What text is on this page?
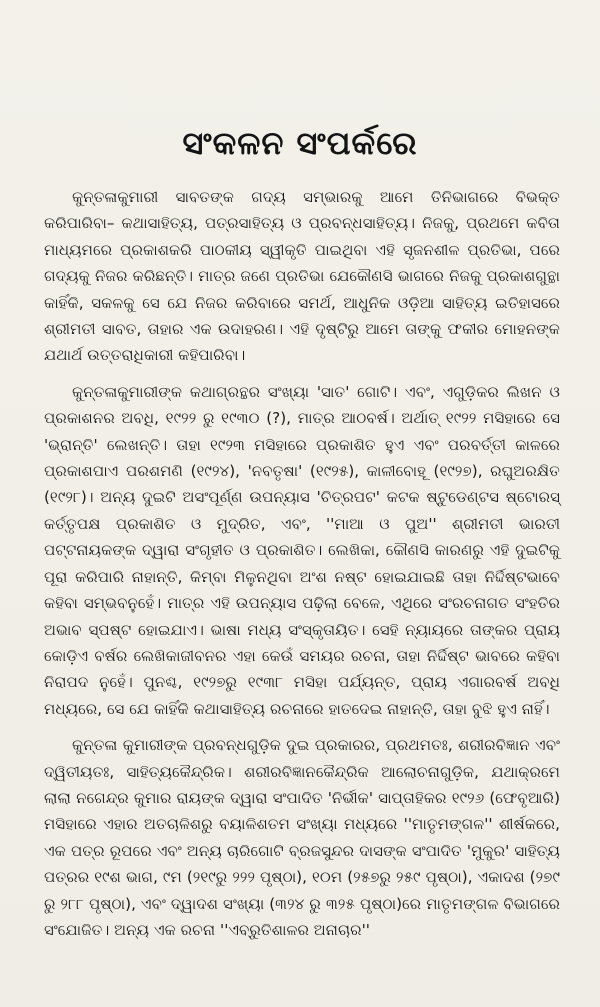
ସଂକଳନ ସଂପର୍କରେ

କୁନ୍ତଳାକୁମାରୀ ସାବତଙ୍କ ଗଦ୍ୟ ସମ୍ଭାରକୁ ଆମେ ତିନିଭାଗରେ ବିଭକ୍ତ କରିପାରିବା– କଥାସାହିତ୍ୟ, ପତ୍ରସାହିତ୍ୟ ଓ ପ୍ରବନ୍ଧସାହିତ୍ୟ। ନିଜକୁ, ପ୍ରଥମେ କବିତା ମାଧ୍ୟମରେ ପ୍ରକାଶକରି ପାଠକୀୟ ସ୍ୱୀକୃତି ପାଇଥିବା ଏହି ସୃଜନଶୀଳ ପ୍ରତିଭା, ପରେ ଗଦ୍ୟକୁ ନିଜର କରିଛନ୍ତି। ମାତ୍ର ଜଣେ ପ୍ରତିଭା ଯେକୌଣସି ଭାଗରେ ନିଜକୁ ପ୍ରକାଶଗୁନ୍ଥା କାହିଁକି, ସକଳକୁ ସେ ଯେ ନିଜର କରିବାରେ ସମର୍ଥ, ଆଧୁନିକ ଓଡ଼ିଆ ସାହିତ୍ୟ ଇତିହାସରେ ଶ୍ରୀମତୀ ସାବତ, ତାହାର ଏକ ଉଦାହରଣ। ଏହି ଦୃଷ୍ଟିରୁ ଆମେ ତାଙ୍କୁ ଫକୀର ମୋହନଙ୍କ ଯଥାର୍ଥ ଉତ୍ତରାଧିକାରୀ କହିପାରିବା।

କୁନ୍ତଳାକୁମାରୀଙ୍କ କଥାଗ୍ରନ୍ଥର ସଂଖ୍ୟା 'ସାତ' ଗୋଟି। ଏବଂ, ଏଗୁଡ଼ିକର ଲିଖନ ଓ ପ୍ରକାଶନର ଅବଧି, ୧୯୨୨ ରୁ ୧୯୩୦ (?), ମାତ୍ର ଆଠବର୍ଷ। ଅର୍ଥାତ୍ ୧୯୨୨ ମସିହାରେ ସେ 'ଭ୍ରାନ୍ତି' ଲେଖନ୍ତି। ତାହା ୧୯୨୩ ମସିହାରେ ପ୍ରକାଶିତ ହୁଏ ଏବଂ ପରବର୍ତ୍ତୀ କାଳରେ ପ୍ରକାଶପାଏ ପରଶମଣି (୧୯୨୪), 'ନବତୃଷା' (୧୯୨୫), କାଳୀବୋହୂ (୧୯୨୭), ରଘୁଅରକ୍ଷିତ (୧୯୨୮)। ଅନ୍ୟ ଦୁଇଟି ଅସଂପୂର୍ଣ୍ଣ ଉପନ୍ୟାସ 'ଚିତ୍ରପଟ' କଟକ ଷ୍ଟୁଡେଣ୍ଟସ ଷ୍ଟୋରସ୍ କର୍ତ୍ତୃପକ୍ଷ ପ୍ରକାଶିତ ଓ ମୁଦ୍ରିତ, ଏବଂ, ''ମାଆ ଓ ପୁଅ'' ଶ୍ରୀମତୀ ଭାରତୀ ପଟ୍ଟନାୟକଙ୍କ ଦ୍ୱାରା ସଂଗୃହୀତ ଓ ପ୍ରକାଶିତ। ଲେଖିକା, କୌଣସି କାରଣରୁ ଏହି ଦୁଇଟିକୁ ପୂରା କରିପାରି ନାହାନ୍ତି, କିମ୍ବା ମିଳୁନଥିବା ଅଂଶ ନଷ୍ଟ ହୋଇଯାଇଛି ତାହା ନିର୍ଦ୍ଦିଷ୍ଟଭାବେ କହିବା ସମ୍ଭବନୁହେଁ। ମାତ୍ର ଏହି ଉପନ୍ୟାସ ପଢ଼ିଲା ବେଳେ, ଏଥିରେ ସଂରଚନାଗତ ସଂହତିର ଅଭାବ ସ୍ପଷ୍ଟ ହୋଇଯାଏ। ଭାଷା ମଧ୍ୟ ସଂସ୍କୃତାୟିତ। ସେହି ନ୍ୟାୟରେ ତାଙ୍କର ପ୍ରାୟ କୋଡ଼ିଏ ବର୍ଷର ଲେଖିକାଜୀବନର ଏହା କେଉଁ ସମୟର ରଚନା, ତାହା ନିର୍ଦ୍ଦିଷ୍ଟ ଭାବରେ କହିବା ନିରାପଦ ନୁହେଁ। ପୁନଶ୍ଚ, ୧୯୨୭ରୁ ୧୯୩୮ ମସିହା ପର୍ଯ୍ୟନ୍ତ, ପ୍ରାୟ ଏଗାରବର୍ଷ ଅବଧି ମଧ୍ୟରେ, ସେ ଯେ କାହିଁକି କଥାସାହିତ୍ୟ ରଚନାରେ ହାତଦେଇ ନାହାନ୍ତି, ତାହା ବୁଝି ହୁଏ ନାହିଁ।

କୁନ୍ତଳା କୁମାରୀଙ୍କ ପ୍ରବନ୍ଧଗୁଡ଼ିକ ଦୁଇ ପ୍ରକାରର, ପ୍ରଥମତଃ, ଶରୀରବିଜ୍ଞାନ ଏବଂ ଦ୍ୱିତୀୟତଃ, ସାହିତ୍ୟକୈନ୍ଦ୍ରିକ। ଶରୀରବିଜ୍ଞାନକୈନ୍ଦ୍ରିକ ଆଲୋଚନାଗୁଡ଼ିକ, ଯଥାକ୍ରମେ ଲାଲା ନଗେନ୍ଦ୍ର କୁମାର ରାୟଙ୍କ ଦ୍ୱାରା ସଂପାଦିତ 'ନିର୍ଭୀକ' ସାପ୍ତାହିକର ୧୯୨୬ (ଫେବୃଆରି) ମସିହାରେ ଏହାର ଅତଚାଳିଶରୁ ବୟାଳିଶତମ ସଂଖ୍ୟା ମଧ୍ୟରେ ''ମାତୃମଙ୍ଗଳ'' ଶୀର୍ଷକରେ, ଏକ ପତ୍ର ରୂପରେ ଏବଂ ଅନ୍ୟ ଚାରିଗୋଟି ବ୍ରଜସୁନ୍ଦର ଦାସଙ୍କ ସଂପାଦିତ 'ମୁକୁର' ସାହିତ୍ୟ ପତ୍ରର ୧୯ଶ ଭାଗ, ୯ମ (୨୧୯ରୁ ୨୨୨ ପୃଷ୍ଠା), ୧୦ମ (୨୫୭ରୁ ୨୫୯ ପୃଷ୍ଠା), ଏକାଦଶ (୨୭୯ ରୁ ୨୮୮ ପୃଷ୍ଠା), ଏବଂ ଦ୍ୱାଦଶ ସଂଖ୍ୟା (୩୨୪ ରୁ ୩୨୫ ପୃଷ୍ଠା)ରେ ମାତୃମଙ୍ଗଳ ବିଭାଗରେ ସଂଯୋଜିତ। ଅନ୍ୟ ଏକ ରଚନା ''ଏବ୍ରୁତିଶାଳର ଅନାଚାର''
